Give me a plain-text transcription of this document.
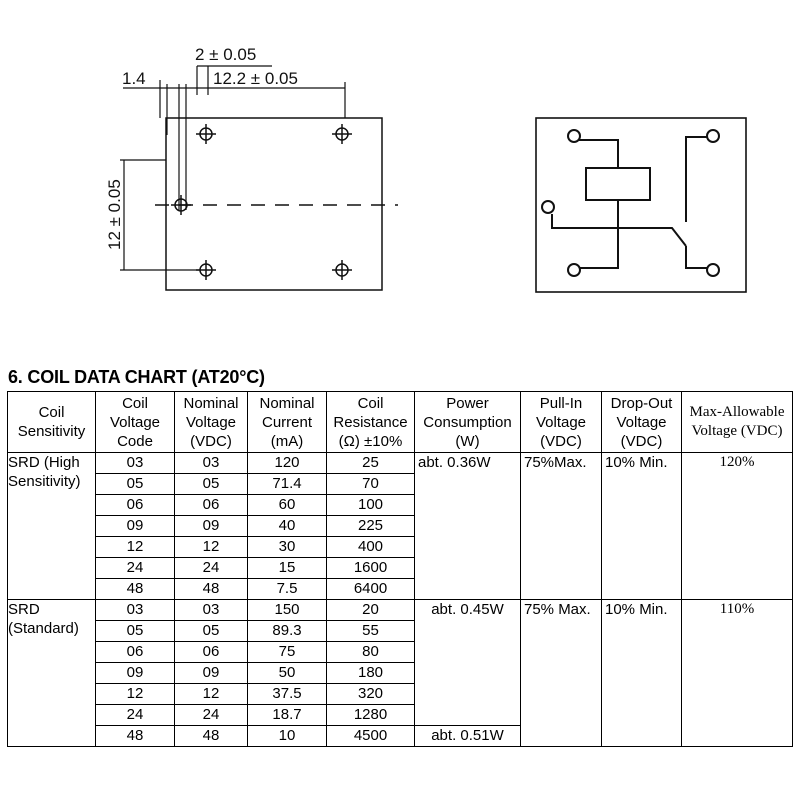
2 ± 0.05
1.4	12.2 ± 0.05
12 ± 0.05
6. COIL DATA CHART (AT20°C)
Coil Sensitivity	Coil Voltage Code	Nominal Voltage (VDC)	Nominal Current (mA)	Coil Resistance (Ω) ±10%	Power Consumption (W)	Pull-In Voltage (VDC)	Drop-Out Voltage (VDC)	Max-Allowable Voltage (VDC)
SRD (High Sensitivity)	03	03	120	25	abt. 0.36W	75%Max.	10% Min.	120%
	05	05	71.4	70				
	06	06	60	100				
	09	09	40	225				
	12	12	30	400				
	24	24	15	1600				
	48	48	7.5	6400				
SRD (Standard)	03	03	150	20	abt. 0.45W	75% Max.	10% Min.	110%
	05	05	89.3	55				
	06	06	75	80				
	09	09	50	180				
	12	12	37.5	320				
	24	24	18.7	1280				
	48	48	10	4500	abt. 0.51W			
